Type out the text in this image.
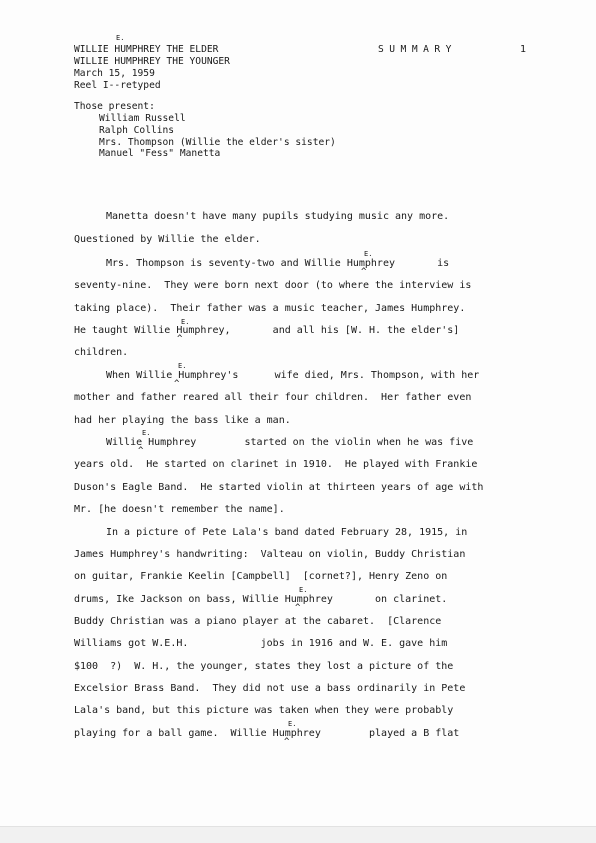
E.
WILLIE HUMPHREY THE ELDER
WILLIE HUMPHREY THE YOUNGER
March 15, 1959
Reel I--retyped
SUMMARY	1
Those present:
William Russell
Ralph Collins
Mrs. Thompson (Willie the elder's sister)
Manuel "Fess" Manetta
Manetta doesn't have many pupils studying music any more.
Questioned by Willie the elder.
E.
Mrs. Thompson is seventy-two and Willie Humphrey       is
seventy-nine.  They were born next door (to where the interview is
taking place).  Their father was a music teacher, James Humphrey.
E.
He taught Willie Humphrey,       and all his [W. H. the elder's]
children.
E.
When Willie Humphrey's      wife died, Mrs. Thompson, with her
mother and father reared all their four children.  Her father even
had her playing the bass like a man.
E.
Willie Humphrey        started on the violin when he was five
years old.  He started on clarinet in 1910.  He played with Frankie
Duson's Eagle Band.  He started violin at thirteen years of age with
Mr. [he doesn't remember the name].
In a picture of Pete Lala's band dated February 28, 1915, in
James Humphrey's handwriting:  Valteau on violin, Buddy Christian
on guitar, Frankie Keelin [Campbell]  [cornet?], Henry Zeno on
E.
drums, Ike Jackson on bass, Willie Humphrey       on clarinet.
Buddy Christian was a piano player at the cabaret.  [Clarence
Williams got W.E.H.            jobs in 1916 and W. E. gave him
$100  ?)  W. H., the younger, states they lost a picture of the
Excelsior Brass Band.  They did not use a bass ordinarily in Pete
Lala's band, but this picture was taken when they were probably
E.
playing for a ball game.  Willie Humphrey        played a B flat
^
^
^
^
^
^
